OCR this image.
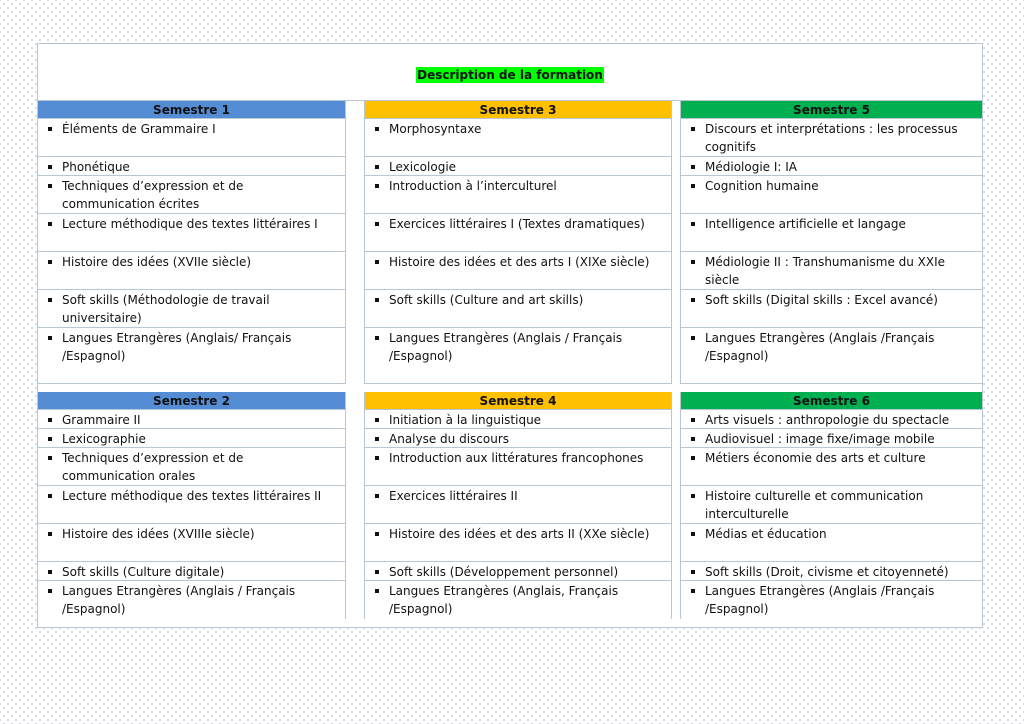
Description de la formation
Semestre 1
Éléments de Grammaire I
Phonétique
Techniques d’expression et de communication écrites
Lecture méthodique des textes littéraires I
Histoire des idées (XVIIe siècle)
Soft skills (Méthodologie de travail universitaire)
Langues Etrangères (Anglais/ Français /Espagnol)
Semestre 3
Morphosyntaxe
Lexicologie
Introduction à l’interculturel
Exercices littéraires I (Textes dramatiques)
Histoire des idées et des arts I (XIXe siècle)
Soft skills (Culture and art skills)
Langues Etrangères (Anglais / Français /Espagnol)
Semestre 5
Discours et interprétations : les processus cognitifs
Médiologie I: IA
Cognition humaine
Intelligence artificielle et langage
Médiologie II : Transhumanisme du XXIe siècle
Soft skills (Digital skills : Excel avancé)
Langues Etrangères (Anglais /Français /Espagnol)
Semestre 2
Grammaire II
Lexicographie
Techniques d’expression et de communication orales
Lecture méthodique des textes littéraires II
Histoire des idées (XVIIIe siècle)
Soft skills (Culture digitale)
Langues Etrangères (Anglais / Français /Espagnol)
Semestre 4
Initiation à la linguistique
Analyse du discours
Introduction aux littératures francophones
Exercices littéraires II
Histoire des idées et des arts II (XXe siècle)
Soft skills (Développement personnel)
Langues Etrangères (Anglais, Français /Espagnol)
Semestre 6
Arts visuels : anthropologie du spectacle
Audiovisuel : image fixe/image mobile
Métiers économie des arts et culture
Histoire culturelle et communication interculturelle
Médias et éducation
Soft skills (Droit, civisme et citoyenneté)
Langues Etrangères (Anglais /Français /Espagnol)
